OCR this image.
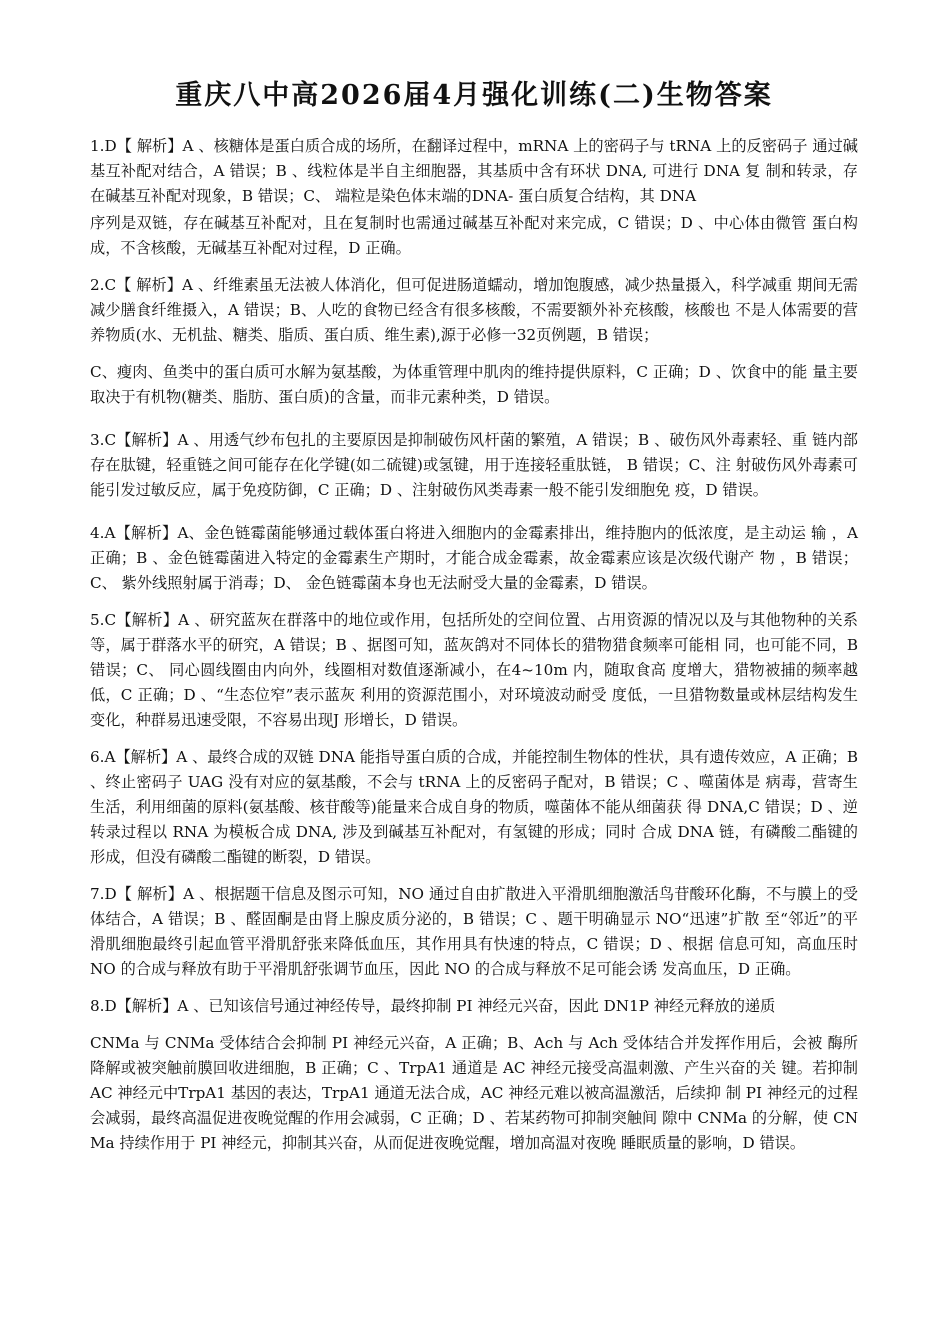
重庆八中高2026届4月强化训练(二)生物答案

1.D【 解析】A 、核糖体是蛋白质合成的场所，在翻译过程中，mRNA 上的密码子与 tRNA 上的反密码子 通过碱基互补配对结合，A 错误；B 、线粒体是半自主细胞器，其基质中含有环状 DNA, 可进行 DNA 复 制和转录，存在碱基互补配对现象，B 错误；C、 端粒是染色体末端的DNA- 蛋白质复合结构，其 DNA

序列是双链，存在碱基互补配对，且在复制时也需通过碱基互补配对来完成，C 错误；D 、中心体由微管 蛋白构成，不含核酸，无碱基互补配对过程，D 正确。

2.C【 解析】A 、纤维素虽无法被人体消化，但可促进肠道蠕动，增加饱腹感，减少热量摄入，科学减重 期间无需减少膳食纤维摄入，A 错误；B、人吃的食物已经含有很多核酸，不需要额外补充核酸，核酸也 不是人体需要的营养物质(水、无机盐、糖类、脂质、蛋白质、维生素),源于必修一32页例题，B 错误；

C、瘦肉、鱼类中的蛋白质可水解为氨基酸，为体重管理中肌肉的维持提供原料，C 正确；D 、饮食中的能 量主要取决于有机物(糖类、脂肪、蛋白质)的含量，而非元素种类，D 错误。

3.C【解析】A 、用透气纱布包扎的主要原因是抑制破伤风杆菌的繁殖，A 错误；B 、破伤风外毒素轻、重 链内部存在肽键，轻重链之间可能存在化学键(如二硫键)或氢键，用于连接轻重肽链， B 错误；C、注 射破伤风外毒素可能引发过敏反应，属于免疫防御，C 正确；D 、注射破伤风类毒素一般不能引发细胞免 疫，D 错误。

4.A【解析】A、金色链霉菌能够通过载体蛋白将进入细胞内的金霉素排出，维持胞内的低浓度，是主动运 输 ，A 正确；B 、金色链霉菌进入特定的金霉素生产期时，才能合成金霉素，故金霉素应该是次级代谢产 物 ，B 错误；C、 紫外线照射属于消毒；D、 金色链霉菌本身也无法耐受大量的金霉素，D 错误。

5.C【解析】A 、研究蓝灰在群落中的地位或作用，包括所处的空间位置、占用资源的情况以及与其他物种的关系等，属于群落水平的研究，A 错误；B 、据图可知，蓝灰鸽对不同体长的猎物猎食频率可能相 同，也可能不同，B 错误；C、 同心圆线圈由内向外，线圈相对数值逐渐减小，在4~10m 内，随取食高 度增大，猎物被捕的频率越低，C 正确；D 、“生态位窄”表示蓝灰 利用的资源范围小，对环境波动耐受 度低，一旦猎物数量或林层结构发生变化，种群易迅速受限，不容易出现J 形增长，D 错误。

6.A【解析】A 、最终合成的双链 DNA 能指导蛋白质的合成，并能控制生物体的性状，具有遗传效应，A 正确；B 、终止密码子 UAG 没有对应的氨基酸，不会与 tRNA 上的反密码子配对，B 错误；C 、噬菌体是 病毒，营寄生生活，利用细菌的原料(氨基酸、核苷酸等)能量来合成自身的物质，噬菌体不能从细菌获 得 DNA,C 错误；D 、逆转录过程以 RNA 为模板合成 DNA, 涉及到碱基互补配对，有氢键的形成；同时 合成 DNA 链，有磷酸二酯键的形成，但没有磷酸二酯键的断裂，D 错误。

7.D【 解析】A 、根据题干信息及图示可知，NO 通过自由扩散进入平滑肌细胞激活鸟苷酸环化酶，不与膜上的受体结合，A 错误；B 、醛固酮是由肾上腺皮质分泌的，B 错误；C 、题干明确显示 NO“迅速”扩散 至“邻近”的平滑肌细胞最终引起血管平滑肌舒张来降低血压，其作用具有快速的特点，C 错误；D 、根据 信息可知，高血压时 NO 的合成与释放有助于平滑肌舒张调节血压，因此 NO 的合成与释放不足可能会诱 发高血压，D 正确。

8.D【解析】A 、已知该信号通过神经传导，最终抑制 PI 神经元兴奋，因此 DN1P 神经元释放的递质

CNMa 与 CNMa 受体结合会抑制 PI 神经元兴奋，A 正确；B、Ach 与 Ach 受体结合并发挥作用后，会被 酶所降解或被突触前膜回收进细胞，B 正确；C 、TrpA1 通道是 AC 神经元接受高温刺激、产生兴奋的关 键。若抑制AC 神经元中TrpA1 基因的表达，TrpA1 通道无法合成，AC 神经元难以被高温激活，后续抑 制 PI 神经元的过程会减弱，最终高温促进夜晚觉醒的作用会减弱，C 正确；D 、若某药物可抑制突触间 隙中 CNMa 的分解，使 CNMa 持续作用于 PI 神经元，抑制其兴奋，从而促进夜晚觉醒，增加高温对夜晚 睡眠质量的影响，D 错误。
